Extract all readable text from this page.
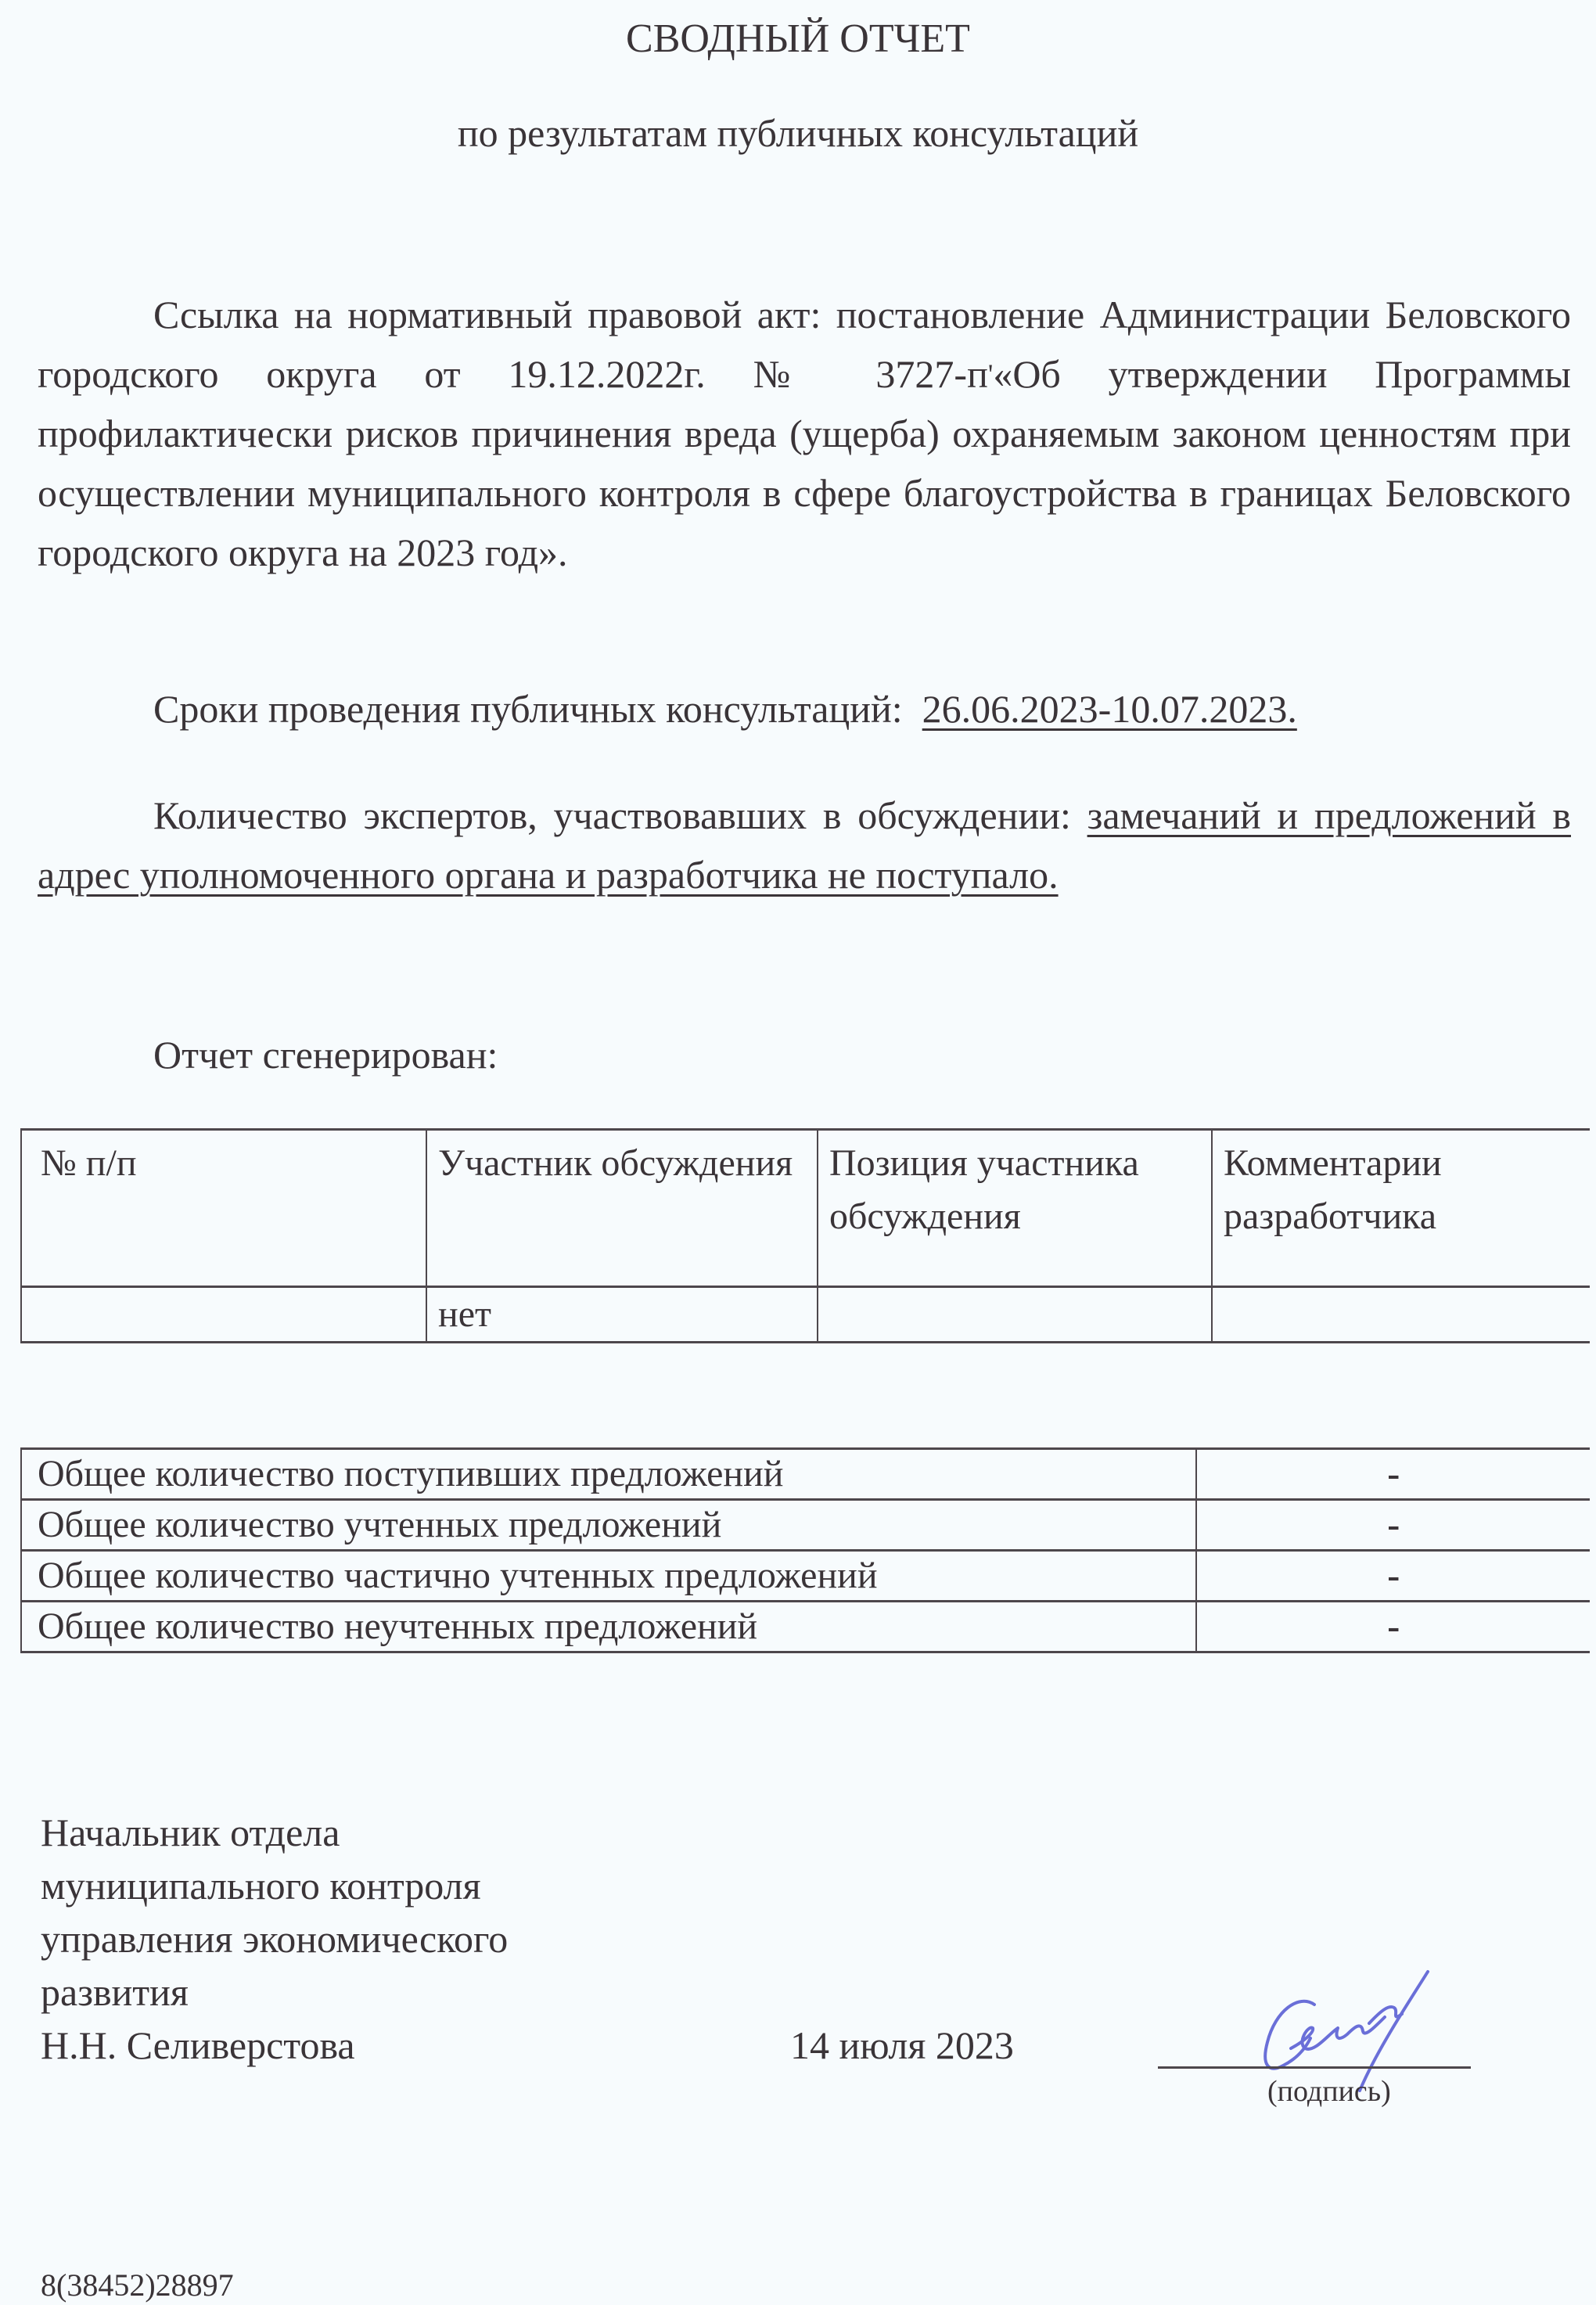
СВОДНЫЙ ОТЧЕТ
по результатам публичных консультаций
Ссылка на нормативный правовой акт: постановление Администрации Беловского городского округа от 19.12.2022г. № 3727-п'«Об утверждении Программы профилактически рисков причинения вреда (ущерба) охраняемым законом ценностям при осуществлении муниципального контроля в сфере благоустройства в границах Беловского городского округа на 2023 год».
Сроки проведения публичных консультаций: 26.06.2023-10.07.2023.
Количество экспертов, участвовавших в обсуждении: замечаний и предложений в адрес уполномоченного органа и разработчика не поступало.
Отчет сгенерирован:
№ п/п	Участник обсуждения	Позиция участника обсуждения	Комментарии разработчика
	нет		
Общее количество поступивших предложений	-
Общее количество учтенных предложений	-
Общее количество частично учтенных предложений	-
Общее количество неучтенных предложений	-
Начальник отдела
муниципального контроля
управления экономического
развития
Н.Н. Селиверстова	14 июля 2023
(подпись)
8(38452)28897
